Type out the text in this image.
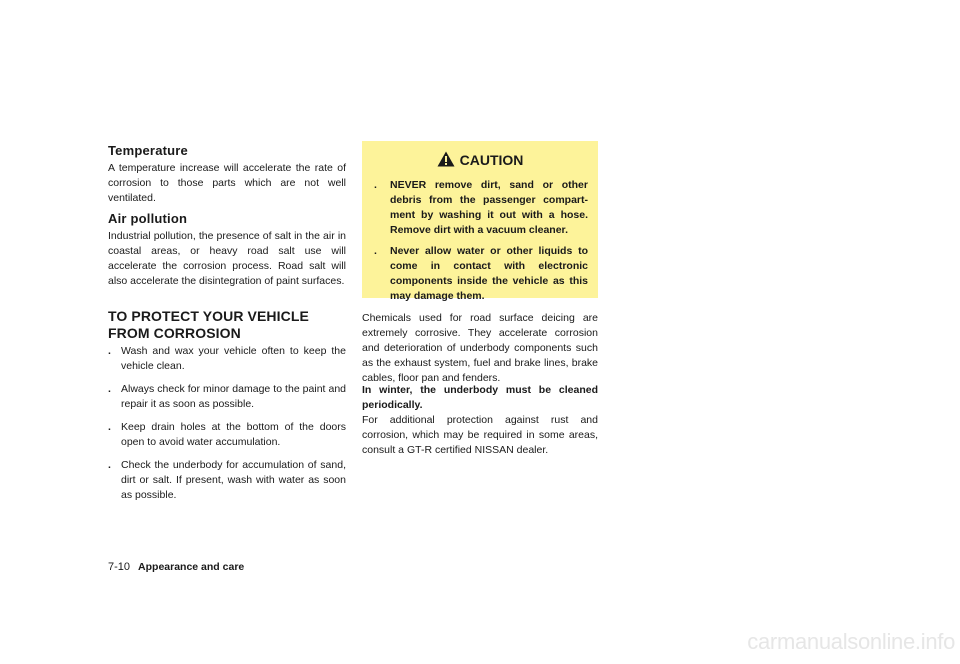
Temperature

A temperature increase will accelerate the rate of corrosion to those parts which are not well ventilated.

Air pollution

Industrial pollution, the presence of salt in the air in coastal areas, or heavy road salt use will accelerate the corrosion process. Road salt will also accelerate the disintegration of paint surfaces.

TO PROTECT YOUR VEHICLE FROM CORROSION
. Wash and wax your vehicle often to keep the vehicle clean.
. Always check for minor damage to the paint and repair it as soon as possible.
. Keep drain holes at the bottom of the doors open to avoid water accumulation.
. Check the underbody for accumulation of sand, dirt or salt. If present, wash with water as soon as possible.
CAUTION
. NEVER remove dirt, sand or other debris from the passenger compart-ment by washing it out with a hose. Remove dirt with a vacuum cleaner.
. Never allow water or other liquids to come in contact with electronic components inside the vehicle as this may damage them.

Chemicals used for road surface deicing are extremely corrosive. They accelerate corrosion and deterioration of underbody components such as the exhaust system, fuel and brake lines, brake cables, floor pan and fenders.

In winter, the underbody must be cleaned periodically.

For additional protection against rust and corrosion, which may be required in some areas, consult a GT-R certified NISSAN dealer.

7-10 Appearance and care
carmanualsonline.info
